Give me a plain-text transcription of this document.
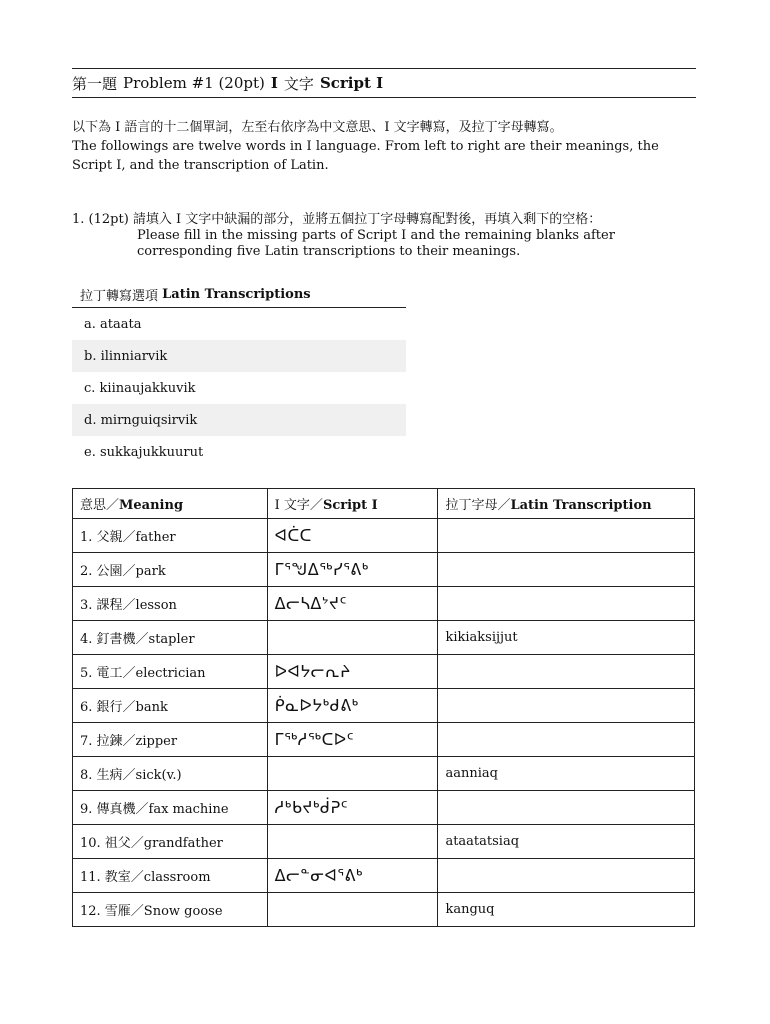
第一題 Problem #1 (20pt) I 文字 Script I

以下為 I 語言的十二個單詞，左至右依序為中文意思、I 文字轉寫，及拉丁字母轉寫。

The followings are twelve words in I language. From left to right are their meanings, the Script I, and the transcription of Latin.

1. (12pt) 請填入 I 文字中缺漏的部分，並將五個拉丁字母轉寫配對後，再填入剩下的空格：
Please fill in the missing parts of Script I and the remaining blanks after
corresponding five Latin transcriptions to their meanings.
拉丁轉寫選項
Latin Transcriptions
a. ataata
b. ilinniarvik
c. kiinaujakkuvik
d. mirnguiqsirvik
e. sukkajukkuurut
意思／Meaning	I 文字／Script I	拉丁字母／Latin Transcription
1. 父親／father	ᐊᑖᑕ	
2. 公園／park	ᒥᕐᖑᐃᖅᓯᕐᕕᒃ	
3. 課程／lesson	ᐃᓕᓴᐃᔾᔪᑦ	
4. 釘書機／stapler		kikiaksijjut
5. 電工／electrician	ᐅᐊᔭᓕᕆᔨ	
6. 銀行／bank	ᑮᓇᐅᔭᒃᑯᕕᒃ	
7. 拉鍊／zipper	ᒥᖅᓱᖅᑕᐅᑦ	
8. 生病／sick(v.)		aanniaq
9. 傳真機／fax machine	ᓱᒃᑲᔪᒃᑰᕈᑦ	
10. 祖父／grandfather		ataatatsiaq
11. 教室／classroom	ᐃᓕᓐᓂᐊᕐᕕᒃ	
12. 雪雁／Snow goose		kanguq
